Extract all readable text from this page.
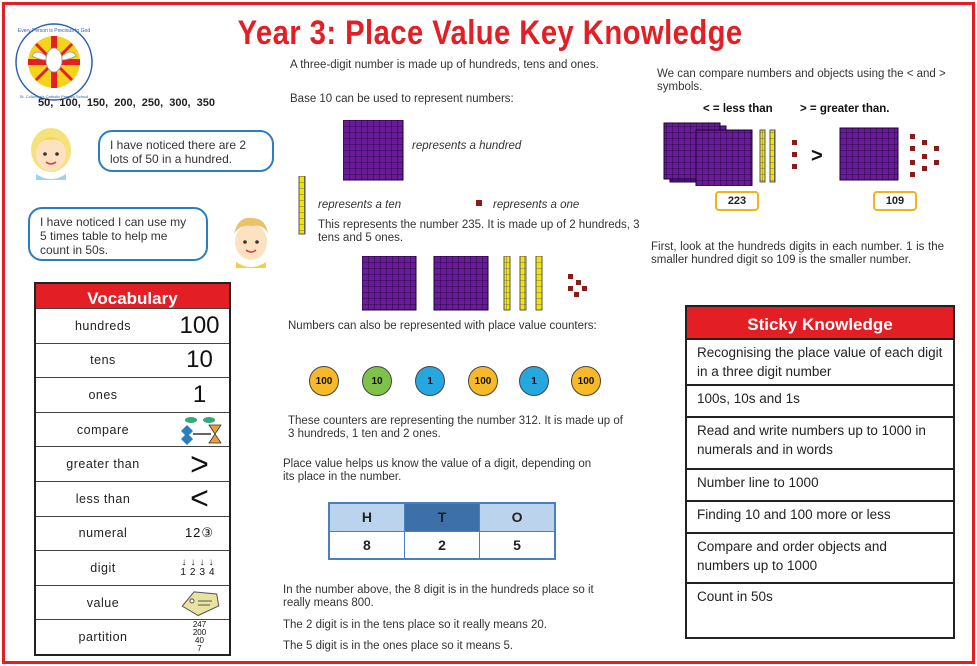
Every Person is Precious to God
St. Columba's Catholic Primary School
Year 3: Place Value Key Knowledge
50, 100, 150, 200, 250, 300, 350
I have noticed there are 2 lots of 50 in a hundred.
I have noticed I can use my 5 times table to help me count in 50s.
Vocabulary
hundreds	100
tens	10
ones	1
compare
greater than	>
less than	<
numeral	12③
digit	↓↓↓↓
1234
value
partition
247
200
40
7
A three-digit number is made up of hundreds, tens and ones.
Base 10 can be used to represent numbers:
represents a hundred
represents a ten	represents a one
This represents the number 235. It is made up of 2 hundreds, 3 tens and 5 ones.
Numbers can also be represented with place value counters:
100	10	1	100	1	100
These counters are representing the number 312. It is made up of 3 hundreds, 1 ten and 2 ones.
Place value helps us know the value of a digit, depending on its place in the number.
H	T	O
8	2	5
In the number above, the 8 digit is in the hundreds place so it really means 800.
The 2 digit is in the tens place so it really means 20.
The 5 digit is in the ones place so it means 5.
We can compare numbers and objects using the < and > symbols.
< = less than > = greater than.
>
223	109
First, look at the hundreds digits in each number. 1 is the smaller hundred digit so 109 is the smaller number.
Sticky Knowledge
Recognising the place value of each digit in a three digit number
100s, 10s and 1s
Read and write numbers up to 1000 in numerals and in words
Number line to 1000
Finding 10 and 100 more or less
Compare and order objects and numbers up to 1000
Count in 50s
